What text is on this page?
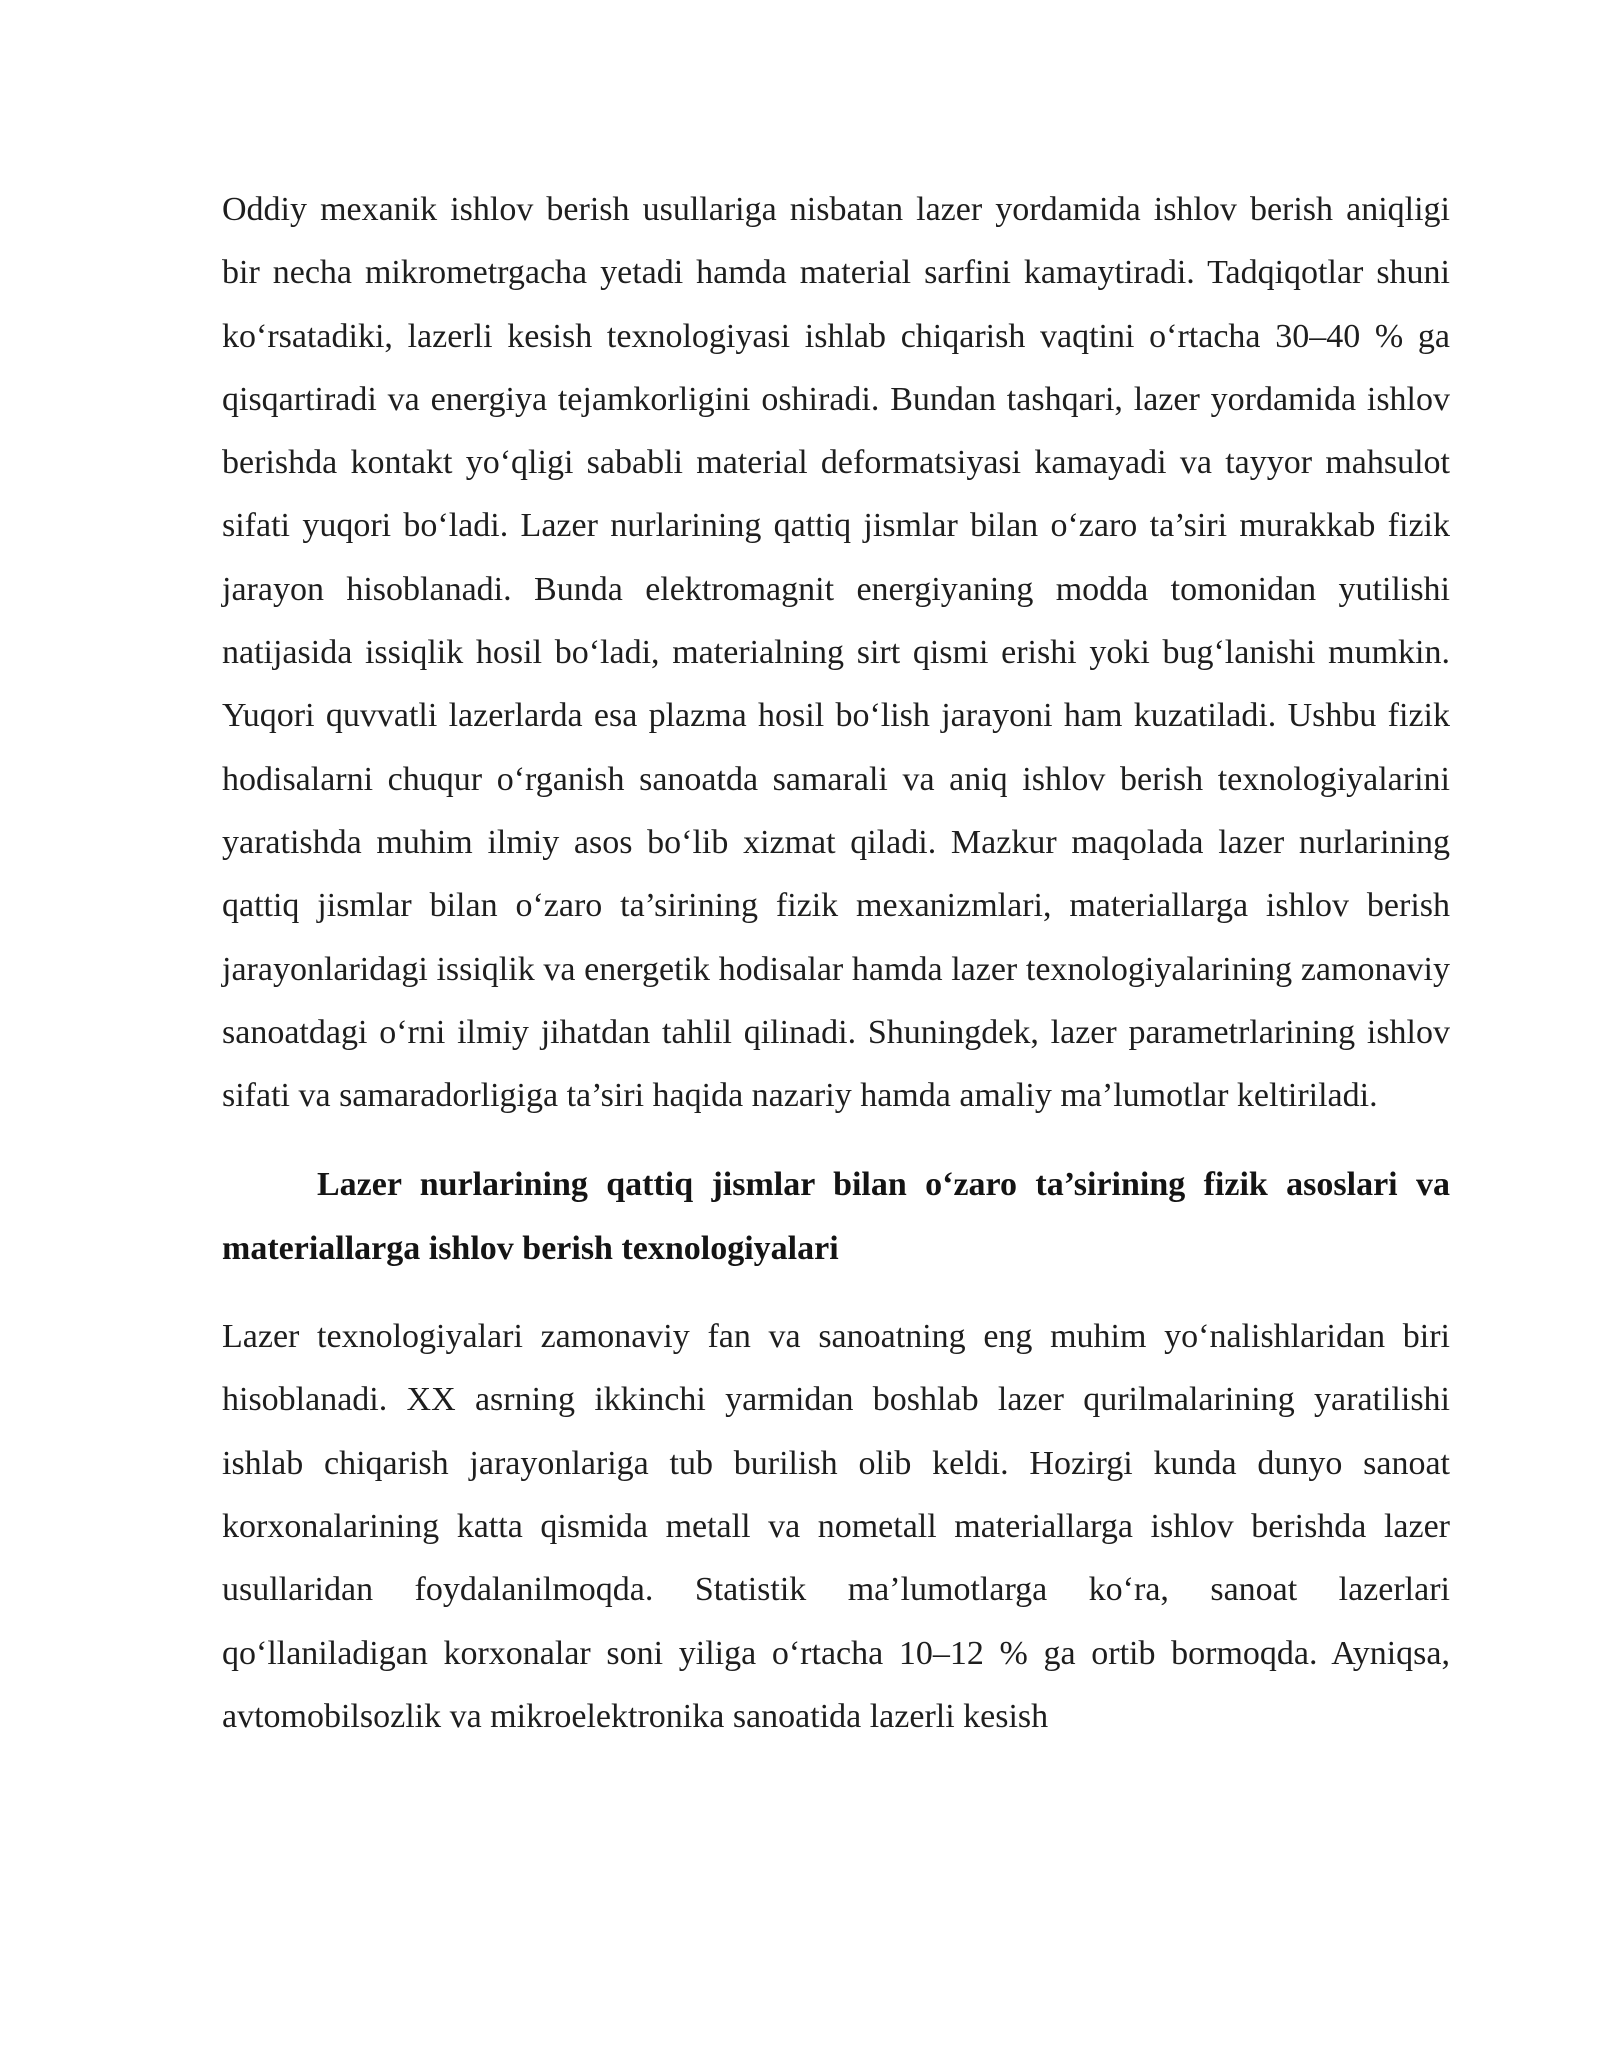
Oddiy mexanik ishlov berish usullariga nisbatan lazer yordamida ishlov berish aniqligi bir necha mikrometrgacha yetadi hamda material sarfini kamaytiradi. Tadqiqotlar shuni ko‘rsatadiki, lazerli kesish texnologiyasi ishlab chiqarish vaqtini o‘rtacha 30–40 % ga qisqartiradi va energiya tejamkorligini oshiradi. Bundan tashqari, lazer yordamida ishlov berishda kontakt yo‘qligi sababli material deformatsiyasi kamayadi va tayyor mahsulot sifati yuqori bo‘ladi. Lazer nurlarining qattiq jismlar bilan o‘zaro ta’siri murakkab fizik jarayon hisoblanadi. Bunda elektromagnit energiyaning modda tomonidan yutilishi natijasida issiqlik hosil bo‘ladi, materialning sirt qismi erishi yoki bug‘lanishi mumkin. Yuqori quvvatli lazerlarda esa plazma hosil bo‘lish jarayoni ham kuzatiladi. Ushbu fizik hodisalarni chuqur o‘rganish sanoatda samarali va aniq ishlov berish texnologiyalarini yaratishda muhim ilmiy asos bo‘lib xizmat qiladi. Mazkur maqolada lazer nurlarining qattiq jismlar bilan o‘zaro ta’sirining fizik mexanizmlari, materiallarga ishlov berish jarayonlaridagi issiqlik va energetik hodisalar hamda lazer texnologiyalarining zamonaviy sanoatdagi o‘rni ilmiy jihatdan tahlil qilinadi. Shuningdek, lazer parametrlarining ishlov sifati va samaradorligiga ta’siri haqida nazariy hamda amaliy ma’lumotlar keltiriladi.

Lazer nurlarining qattiq jismlar bilan o‘zaro ta’sirining fizik asoslari va materiallarga ishlov berish texnologiyalari

Lazer texnologiyalari zamonaviy fan va sanoatning eng muhim yo‘nalishlaridan biri hisoblanadi. XX asrning ikkinchi yarmidan boshlab lazer qurilmalarining yaratilishi ishlab chiqarish jarayonlariga tub burilish olib keldi. Hozirgi kunda dunyo sanoat korxonalarining katta qismida metall va nometall materiallarga ishlov berishda lazer usullaridan foydalanilmoqda. Statistik ma’lumotlarga ko‘ra, sanoat lazerlari qo‘llaniladigan korxonalar soni yiliga o‘rtacha 10–12 % ga ortib bormoqda. Ayniqsa, avtomobilsozlik va mikroelektronika sanoatida lazerli kesish
